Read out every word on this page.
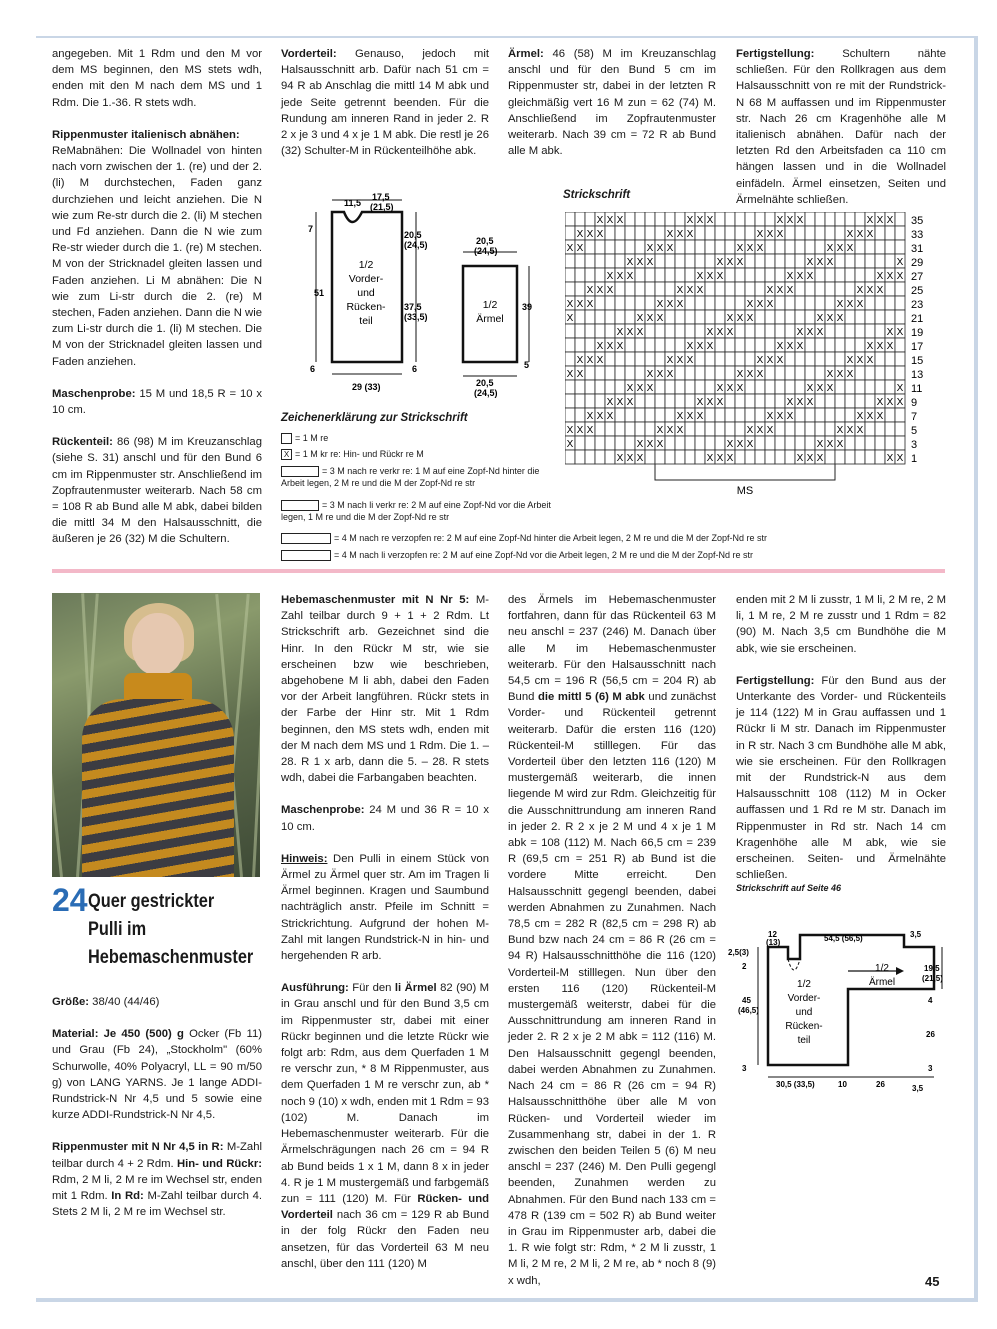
angegeben. Mit 1 Rdm und den M vor dem MS beginnen, den MS stets wdh, enden mit den M nach dem MS und 1 Rdm. Die 1.-36. R stets wdh.

Rippenmuster italienisch abnähen:
ReMabnähen: Die Wollnadel von hinten nach vorn zwischen der 1. (re) und der 2. (li) M durchstechen, Faden ganz durchziehen und leicht anziehen. Die N wie zum Re-str durch die 2. (li) M stechen und Fd anziehen. Dann die N wie zum Re-str wieder durch die 1. (re) M stechen. M von der Stricknadel gleiten lassen und Faden anziehen. Li M abnähen: Die N wie zum Li-str durch die 2. (re) M stechen, Faden anziehen. Dann die N wie zum Li-str durch die 1. (li) M stechen. Die M von der Stricknadel gleiten lassen und Faden anziehen.

Maschenprobe: 15 M und 18,5 R = 10 x 10 cm.

Rückenteil: 86 (98) M im Kreuzanschlag (siehe S. 31) anschl und für den Bund 6 cm im Rippenmuster str. Anschließend im Zopfrautenmuster weiterarb. Nach 58 cm = 108 R ab Bund alle M abk, dabei bilden die mittl 34 M den Halsausschnitt, die äußeren je 26 (32) M die Schultern.

Vorderteil: Genauso, jedoch mit Halsausschnitt arb. Dafür nach 51 cm = 94 R ab Anschlag die mittl 14 M abk und jede Seite getrennt beenden. Für die Rundung am inneren Rand in jeder 2. R 2 x je 3 und 4 x je 1 M abk. Die restl je 26 (32) Schulter-M in Rückenteilhöhe abk.

Ärmel: 46 (58) M im Kreuzanschlag anschl und für den Bund 5 cm im Rippenmuster str, dabei in der letzten R gleichmäßig vert 16 M zun = 62 (74) M. Anschließend im Zopfrautenmuster weiterarb. Nach 39 cm = 72 R ab Bund alle M abk.

Fertigstellung: Schultern nähte schließen. Für den Rollkragen aus dem Halsausschnitt von re mit der Rundstrick-N 68 M auffassen und im Rippenmuster str. Nach 26 cm Kragenhöhe alle M italienisch abnähen. Dafür nach der letzten Rd den Arbeitsfaden ca 110 cm hängen lassen und in die Wollnadel einfädeln. Ärmel einsetzen, Seiten und Ärmelnähte schließen.

11,5
17,5
(21,5)
7
20,5
(24,5)
51
37,5
(33,5)
6	6
29 (33)
1/2
Vorder-
und
Rücken-
teil
1/2
Ärmel
20,5
(24,5)
39
5
20,5
(24,5)
Strickschrift
X X X	X X X	X X X	X X X 35
X X X	X X X	X X X	X X X	33
X X	X X X	X X X	X X X	31
X X X	X X X	X X X	X 29
X X X	X X X	X X X	X X X 27
X X X	X X X	X X X	X X X	25
X X X	X X X	X X X	X X X	23
X	X X X	X X X	X X X	21
X X X	X X X	X X X	X X 19
X X X	X X X	X X X	X X X 17
X X X	X X X	X X X	X X X	15
X X	X X X	X X X	X X X	13
X X X	X X X	X X X	X 11
X X X	X X X	X X X	X X X 9
X X X	X X X	X X X	X X X	7
X X X	X X X	X X X	X X X	5
X	X X X	X X X	X X X	3
X X X	X X X	X X X	X X 1
MS
Zeichenerklärung zur Strickschrift
= 1 M re
X = 1 M kr re: Hin- und Rückr re M
= 3 M nach re verkr re: 1 M auf eine Zopf-Nd hinter die Arbeit legen, 2 M re und die M der Zopf-Nd re str
= 3 M nach li verkr re: 2 M auf eine Zopf-Nd vor die Arbeit legen, 1 M re und die M der Zopf-Nd re str
= 4 M nach re verzopfen re: 2 M auf eine Zopf-Nd hinter die Arbeit legen, 2 M re und die M der Zopf-Nd re str
= 4 M nach li verzopfen re: 2 M auf eine Zopf-Nd vor die Arbeit legen, 2 M re und die M der Zopf-Nd re str
24 Quer gestrickter
Pulli im
Hebemaschenmuster

Größe: 38/40 (44/46)

Material: Je 450 (500) g Ocker (Fb 11) und Grau (Fb 24), „Stockholm" (60% Schurwolle, 40% Polyacryl, LL = 90 m/50 g) von LANG YARNS. Je 1 lange ADDI-Rundstrick-N Nr 4,5 und 5 sowie eine kurze ADDI-Rundstrick-N Nr 4,5.

Rippenmuster mit N Nr 4,5 in R: M-Zahl teilbar durch 4 + 2 Rdm. Hin- und Rückr: Rdm, 2 M li, 2 M re im Wechsel str, enden mit 1 Rdm. In Rd: M-Zahl teilbar durch 4. Stets 2 M li, 2 M re im Wechsel str.

Hebemaschenmuster mit N Nr 5: M-Zahl teilbar durch 9 + 1 + 2 Rdm. Lt Strickschrift arb. Gezeichnet sind die Hinr. In den Rückr M str, wie sie erscheinen bzw wie beschrieben, abgehobene M li abh, dabei den Faden vor der Arbeit langführen. Rückr stets in der Farbe der Hinr str. Mit 1 Rdm beginnen, den MS stets wdh, enden mit der M nach dem MS und 1 Rdm. Die 1. – 28. R 1 x arb, dann die 5. – 28. R stets wdh, dabei die Farbangaben beachten.

Maschenprobe: 24 M und 36 R = 10 x 10 cm.

Hinweis: Den Pulli in einem Stück von Ärmel zu Ärmel quer str. Am im Tragen li Ärmel beginnen. Kragen und Saumbund nachträglich anstr. Pfeile im Schnitt = Strickrichtung. Aufgrund der hohen M-Zahl mit langen Rundstrick-N in hin- und hergehenden R arb.

Ausführung: Für den li Ärmel 82 (90) M in Grau anschl und für den Bund 3,5 cm im Rippenmuster str, dabei mit einer Rückr beginnen und die letzte Rückr wie folgt arb: Rdm, aus dem Querfaden 1 M re verschr zun, * 8 M Rippenmuster, aus dem Querfaden 1 M re verschr zun, ab * noch 9 (10) x wdh, enden mit 1 Rdm = 93 (102) M. Danach im Hebemaschenmuster weiterarb. Für die Ärmelschrägungen nach 26 cm = 94 R ab Bund beids 1 x 1 M, dann 8 x in jeder 4. R je 1 M mustergemäß und farbgemäß zun = 111 (120) M. Für Rücken- und Vorderteil nach 36 cm = 129 R ab Bund in der folg Rückr den Faden neu ansetzen, für das Vorderteil 63 M neu anschl, über den 111 (120) M

des Ärmels im Hebemaschenmuster fortfahren, dann für das Rückenteil 63 M neu anschl = 237 (246) M. Danach über alle M im Hebemaschenmuster weiterarb. Für den Halsausschnitt nach 54,5 cm = 196 R (56,5 cm = 204 R) ab Bund die mittl 5 (6) M abk und zunächst Vorder- und Rückenteil getrennt weiterarb. Dafür die ersten 116 (120) Rückenteil-M stilllegen. Für das Vorderteil über den letzten 116 (120) M mustergemäß weiterarb, die innen liegende M wird zur Rdm. Gleichzeitig für die Ausschnittrundung am inneren Rand in jeder 2. R 2 x je 2 M und 4 x je 1 M abk = 108 (112) M. Nach 66,5 cm = 239 R (69,5 cm = 251 R) ab Bund ist die vordere Mitte erreicht. Den Halsausschnitt gegengl beenden, dabei werden Abnahmen zu Zunahmen. Nach 78,5 cm = 282 R (82,5 cm = 298 R) ab Bund bzw nach 24 cm = 86 R (26 cm = 94 R) Halsausschnitthöhe die 116 (120) Vorderteil-M stilllegen. Nun über den ersten 116 (120) Rückenteil-M mustergemäß weiterstr, dabei für die Ausschnittrundung am inneren Rand in jeder 2. R 2 x je 2 M abk = 112 (116) M. Den Halsausschnitt gegengl beenden, dabei werden Abnahmen zu Zunahmen. Nach 24 cm = 86 R (26 cm = 94 R) Halsausschnitthöhe über alle M von Rücken- und Vorderteil wieder im Zusammenhang str, dabei in der 1. R zwischen den beiden Teilen 5 (6) M neu anschl = 237 (246) M. Den Pulli gegengl beenden, Zunahmen werden zu Abnahmen. Für den Bund nach 133 cm = 478 R (139 cm = 502 R) ab Bund weiter in Grau im Rippenmuster arb, dabei die 1. R wie folgt str: Rdm, * 2 M li zusstr, 1 M li, 2 M re, 2 M li, 2 M re, ab * noch 8 (9) x wdh,

enden mit 2 M li zusstr, 1 M li, 2 M re, 2 M li, 1 M re, 2 M re zusstr und 1 Rdm = 82 (90) M. Nach 3,5 cm Bundhöhe die M abk, wie sie erscheinen.

Fertigstellung: Für den Bund aus der Unterkante des Vorder- und Rückenteils je 114 (122) M in Grau auffassen und 1 Rückr li M str. Danach im Rippenmuster in R str. Nach 3 cm Bundhöhe alle M abk, wie sie erscheinen. Für den Rollkragen mit der Rundstrick-N aus dem Halsausschnitt 108 (112) M in Ocker auffassen und 1 Rd re M str. Danach im Rippenmuster in Rd str. Nach 14 cm Kragenhöhe alle M abk, wie sie erscheinen. Seiten- und Ärmelnähte schließen.

Strickschrift auf Seite 46
12
(13)	54,5 (56,5)	3,5
2,5(3)
2
45
(46,5)
3
19,5
(21,5)
4
26
3
30,5 (33,5)	10	26	3,5
1/2
Vorder-
und
Rücken-
teil
1/2
Ärmel
45
